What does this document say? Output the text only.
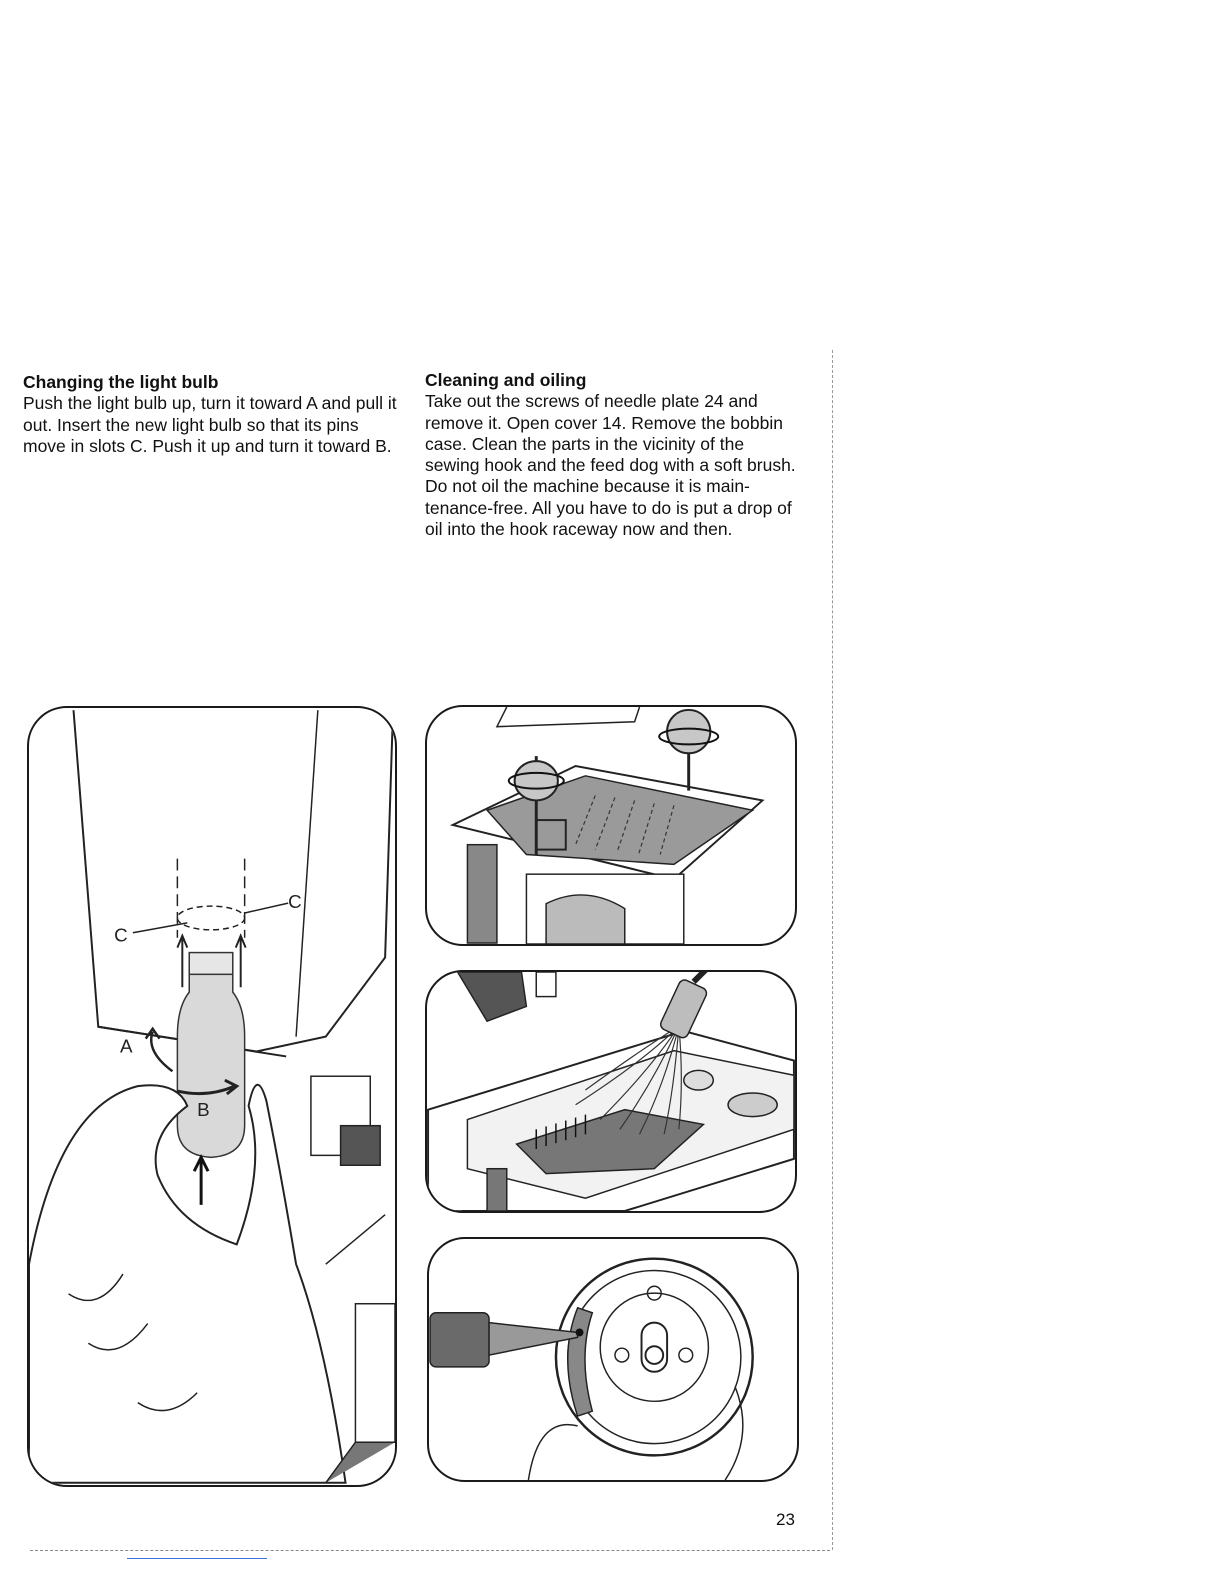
Changing the light bulb

Push the light bulb up, turn it toward A and pull it out. Insert the new light bulb so that its pins move in slots C. Push it up and turn it toward B.

Cleaning and oiling

Take out the screws of needle plate 24 and remove it. Open cover 14. Remove the bobbin case. Clean the parts in the vicinity of the sewing hook and the feed dog with a soft brush.

Do not oil the machine because it is main-tenance-free. All you have to do is put a drop of oil into the hook raceway now and then.

C
C
A
B
23
